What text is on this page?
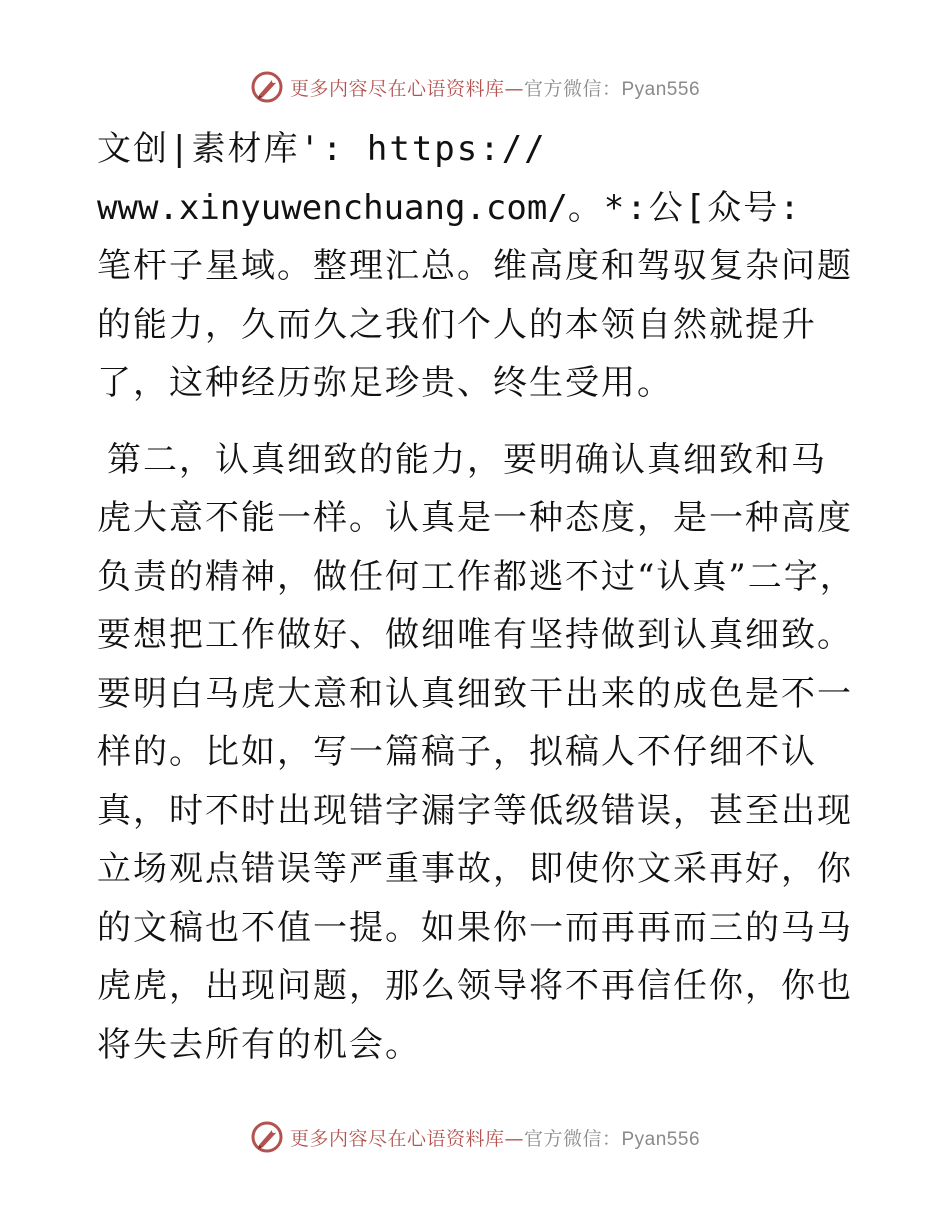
更多内容尽在心语资料库—官方微信：Pyan556

文创|素材库': https://
www.xinyuwenchuang.com/。*:公[众号: 笔杆子星域。整理汇总。维高度和驾驭复杂问题的能力，久而久之我们个人的本领自然就提升了，这种经历弥足珍贵、终生受用。

第二，认真细致的能力，要明确认真细致和马虎大意不能一样。认真是一种态度，是一种高度负责的精神，做任何工作都逃不过“认真”二字，要想把工作做好、做细唯有坚持做到认真细致。要明白马虎大意和认真细致干出来的成色是不一样的。比如，写一篇稿子，拟稿人不仔细不认真，时不时出现错字漏字等低级错误，甚至出现立场观点错误等严重事故，即使你文采再好，你的文稿也不值一提。如果你一而再再而三的马马虎虎，出现问题，那么领导将不再信任你，你也将失去所有的机会。

更多内容尽在心语资料库—官方微信：Pyan556
